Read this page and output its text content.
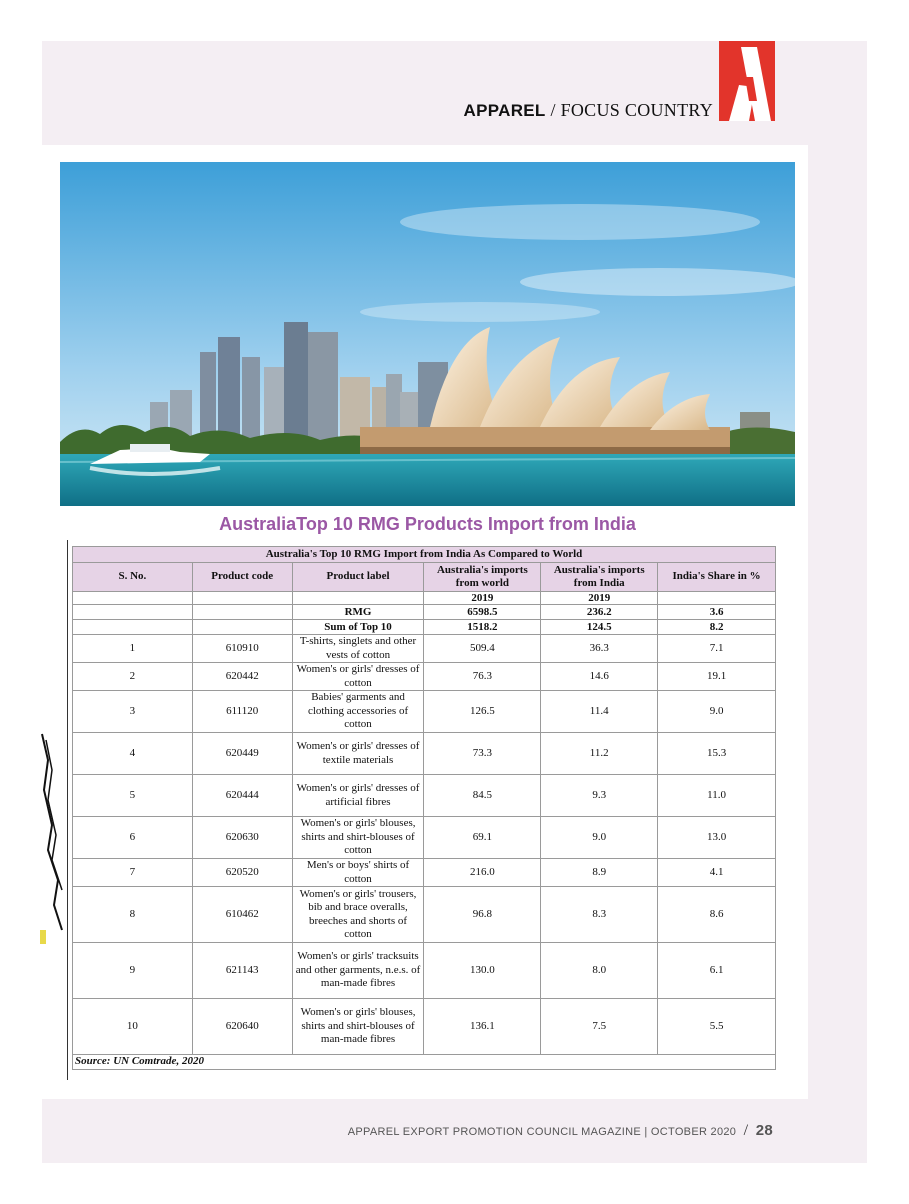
APPAREL / FOCUS COUNTRY
AustraliaTop 10 RMG Products Import from India
Australia's Top 10 RMG Import from India As Compared to World					
S. No.	Product code	Product label	Australia's imports from world	Australia's imports from India	India's Share in %
			2019	2019	
		RMG	6598.5	236.2	3.6
		Sum of Top 10	1518.2	124.5	8.2
1	610910	T-shirts, singlets and other vests of cotton	509.4	36.3	7.1
2	620442	Women's or girls' dresses of cotton	76.3	14.6	19.1
3	611120	Babies' garments and clothing accessories of cotton	126.5	11.4	9.0
4	620449	Women's or girls' dresses of textile materials	73.3	11.2	15.3
5	620444	Women's or girls' dresses of artificial fibres	84.5	9.3	11.0
6	620630	Women's or girls' blouses, shirts and shirt-blouses of cotton	69.1	9.0	13.0
7	620520	Men's or boys' shirts of cotton	216.0	8.9	4.1
8	610462	Women's or girls' trousers, bib and brace overalls, breeches and shorts of cotton	96.8	8.3	8.6
9	621143	Women's or girls' tracksuits and other garments, n.e.s. of man-made fibres	130.0	8.0	6.1
10	620640	Women's or girls' blouses, shirts and shirt-blouses of man-made fibres	136.1	7.5	5.5
Source: UN Comtrade, 2020					
APPAREL EXPORT PROMOTION COUNCIL MAGAZINE | OCTOBER 2020 / 28
